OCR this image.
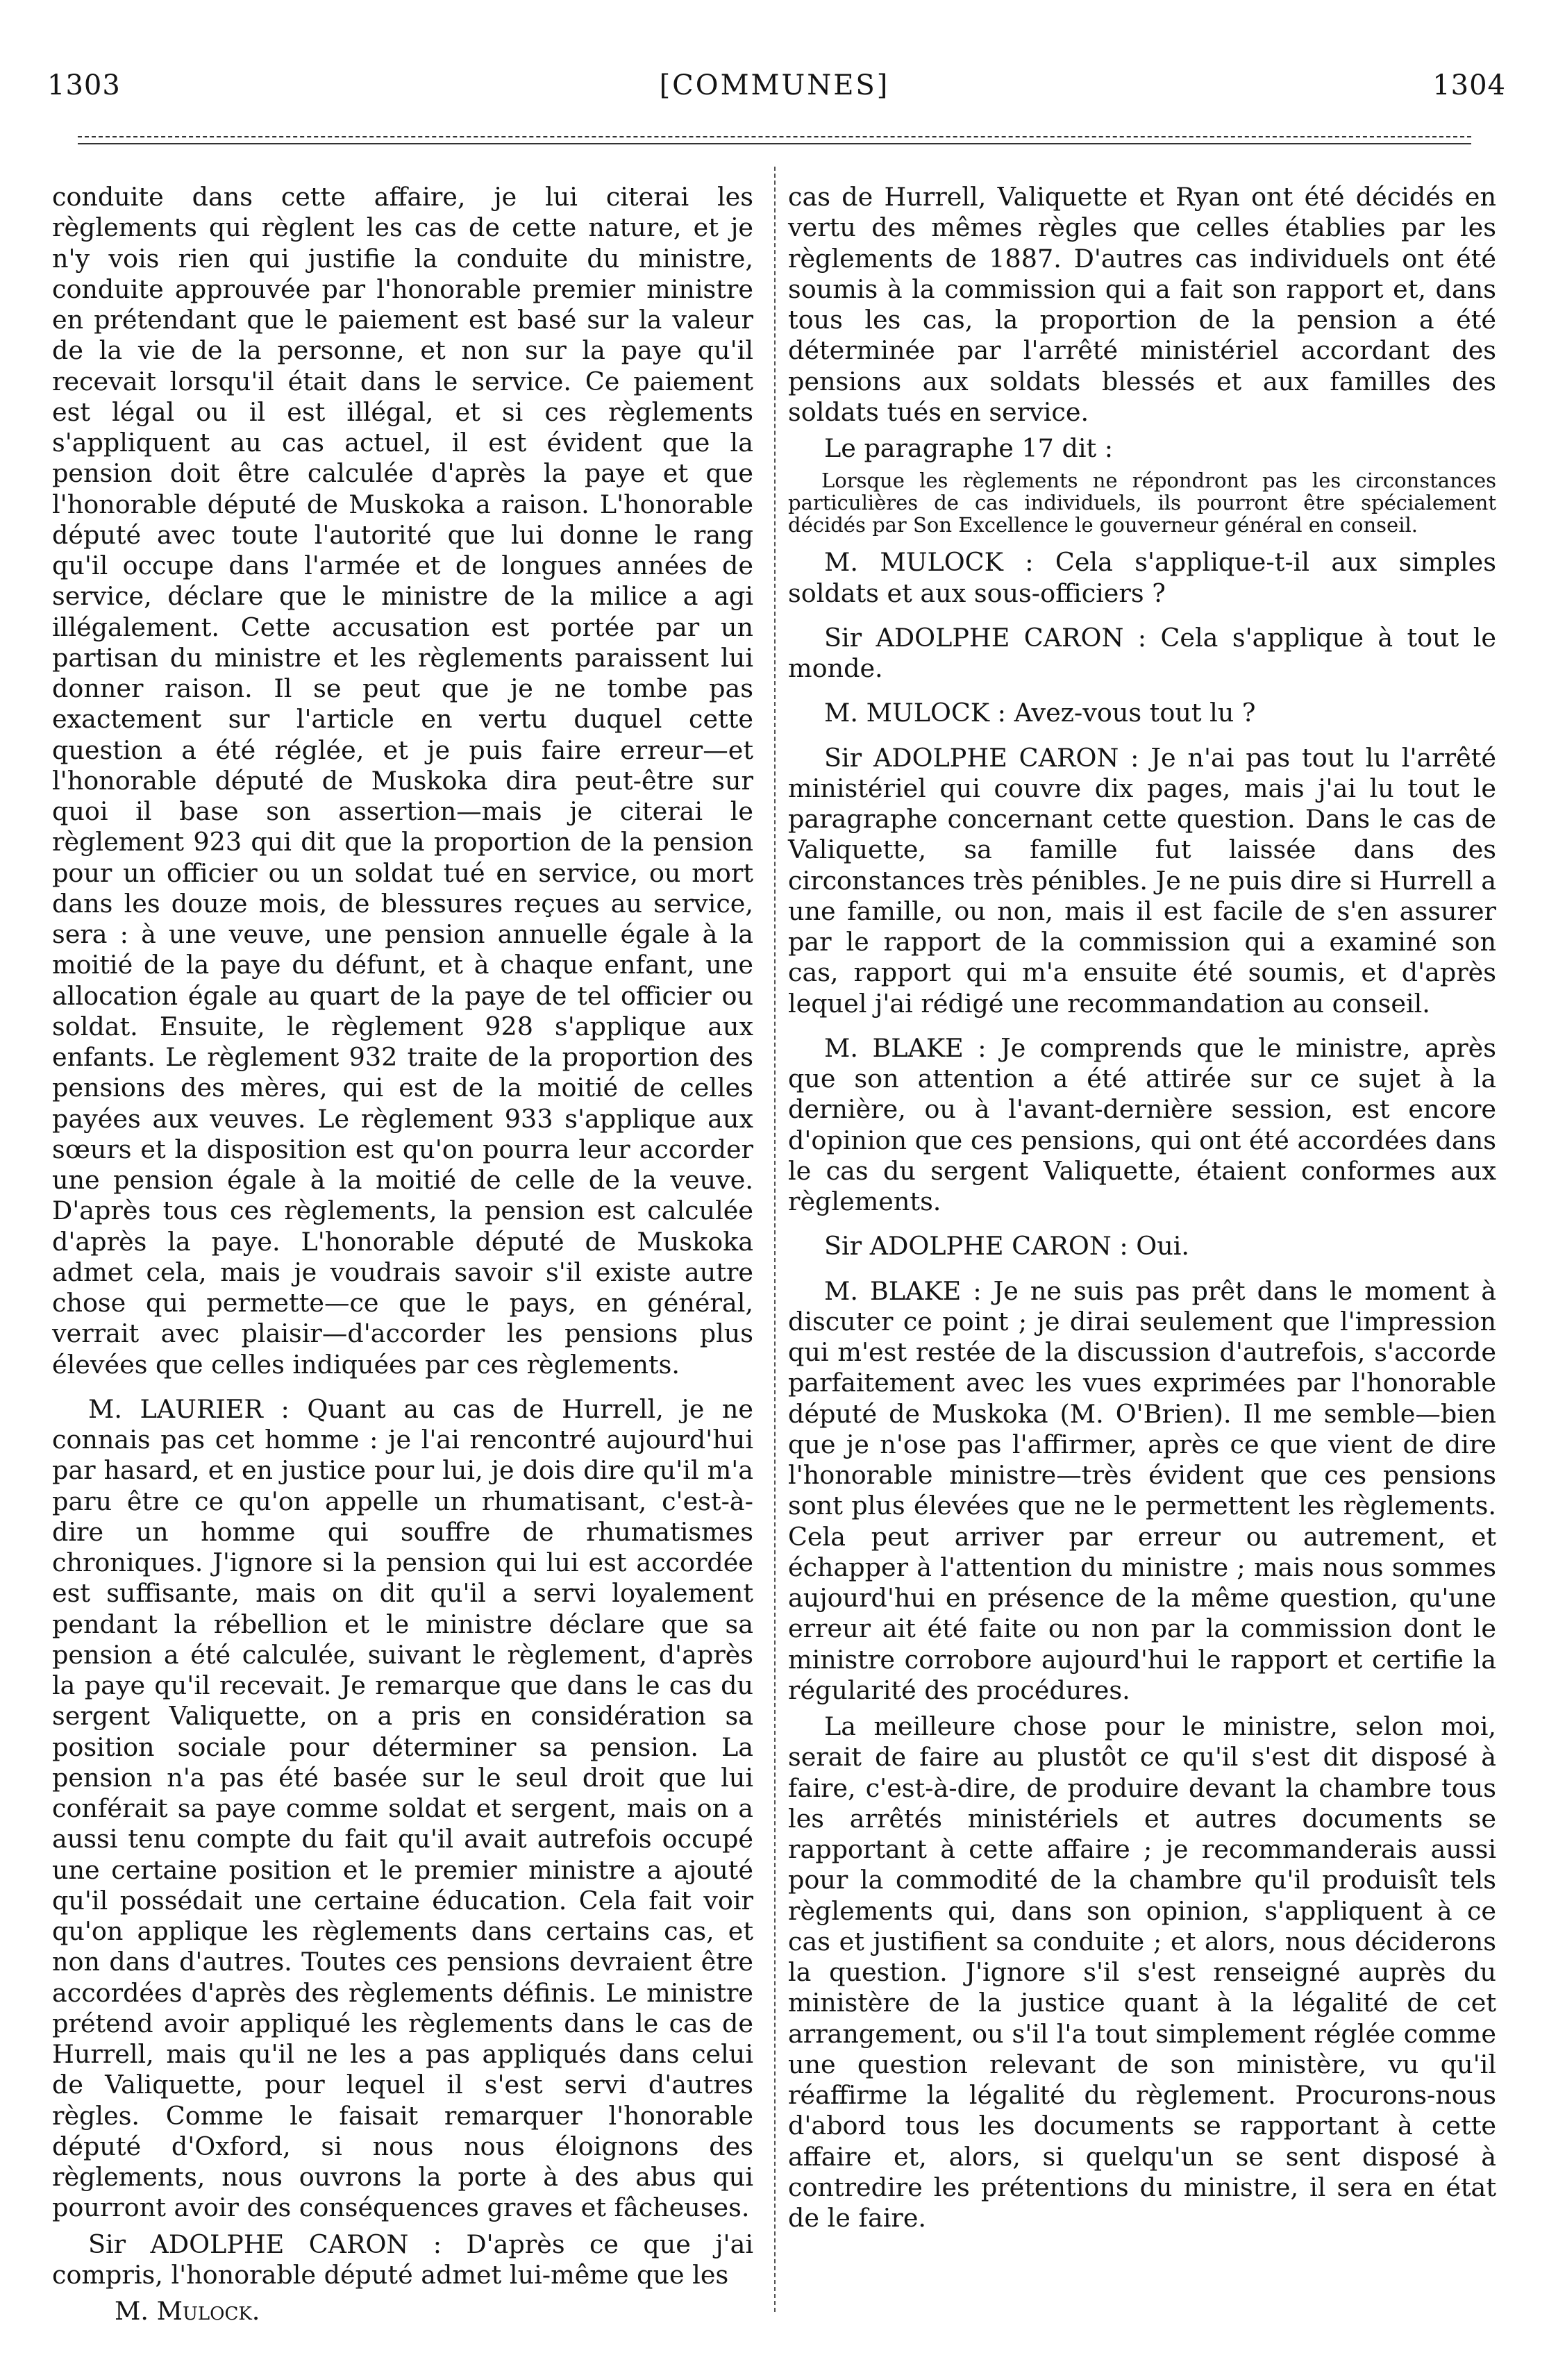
1303	[COMMUNES]	1304

conduite dans cette affaire, je lui citerai les règlements qui règlent les cas de cette nature, et je n'y vois rien qui justifie la conduite du ministre, conduite approuvée par l'honorable premier ministre en prétendant que le paiement est basé sur la valeur de la vie de la personne, et non sur la paye qu'il recevait lorsqu'il était dans le service. Ce paiement est légal ou il est illégal, et si ces règlements s'appliquent au cas actuel, il est évident que la pension doit être calculée d'après la paye et que l'honorable député de Muskoka a raison. L'honorable député avec toute l'autorité que lui donne le rang qu'il occupe dans l'armée et de longues années de service, déclare que le ministre de la milice a agi illégalement. Cette accusation est portée par un partisan du ministre et les règlements paraissent lui donner raison. Il se peut que je ne tombe pas exactement sur l'article en vertu duquel cette question a été réglée, et je puis faire erreur—et l'honorable député de Muskoka dira peut-être sur quoi il base son assertion—mais je citerai le règlement 923 qui dit que la proportion de la pension pour un officier ou un soldat tué en service, ou mort dans les douze mois, de blessures reçues au service, sera : à une veuve, une pension annuelle égale à la moitié de la paye du défunt, et à chaque enfant, une allocation égale au quart de la paye de tel officier ou soldat. Ensuite, le règlement 928 s'applique aux enfants. Le règlement 932 traite de la proportion des pensions des mères, qui est de la moitié de celles payées aux veuves. Le règlement 933 s'applique aux sœurs et la disposition est qu'on pourra leur accorder une pension égale à la moitié de celle de la veuve. D'après tous ces règlements, la pension est calculée d'après la paye. L'honorable député de Muskoka admet cela, mais je voudrais savoir s'il existe autre chose qui permette—ce que le pays, en général, verrait avec plaisir—d'accorder les pensions plus élevées que celles indiquées par ces règlements.

M. LAURIER : Quant au cas de Hurrell, je ne connais pas cet homme : je l'ai rencontré aujourd'hui par hasard, et en justice pour lui, je dois dire qu'il m'a paru être ce qu'on appelle un rhumatisant, c'est-à-dire un homme qui souffre de rhumatismes chroniques. J'ignore si la pension qui lui est accordée est suffisante, mais on dit qu'il a servi loyalement pendant la rébellion et le ministre déclare que sa pension a été calculée, suivant le règlement, d'après la paye qu'il recevait. Je remarque que dans le cas du sergent Valiquette, on a pris en considération sa position sociale pour déterminer sa pension. La pension n'a pas été basée sur le seul droit que lui conférait sa paye comme soldat et sergent, mais on a aussi tenu compte du fait qu'il avait autrefois occupé une certaine position et le premier ministre a ajouté qu'il possédait une certaine éducation. Cela fait voir qu'on applique les règlements dans certains cas, et non dans d'autres. Toutes ces pensions devraient être accordées d'après des règlements définis. Le ministre prétend avoir appliqué les règlements dans le cas de Hurrell, mais qu'il ne les a pas appliqués dans celui de Valiquette, pour lequel il s'est servi d'autres règles. Comme le faisait remarquer l'honorable député d'Oxford, si nous nous éloignons des règlements, nous ouvrons la porte à des abus qui pourront avoir des conséquences graves et fâcheuses.

Sir ADOLPHE CARON : D'après ce que j'ai compris, l'honorable député admet lui-même que les

M. Mulock.

cas de Hurrell, Valiquette et Ryan ont été décidés en vertu des mêmes règles que celles établies par les règlements de 1887. D'autres cas individuels ont été soumis à la commission qui a fait son rapport et, dans tous les cas, la proportion de la pension a été déterminée par l'arrêté ministériel accordant des pensions aux soldats blessés et aux familles des soldats tués en service.

Le paragraphe 17 dit :

Lorsque les règlements ne répondront pas les circonstances particulières de cas individuels, ils pourront être spécialement décidés par Son Excellence le gouverneur général en conseil.

M. MULOCK : Cela s'applique-t-il aux simples soldats et aux sous-officiers ?

Sir ADOLPHE CARON : Cela s'applique à tout le monde.

M. MULOCK : Avez-vous tout lu ?

Sir ADOLPHE CARON : Je n'ai pas tout lu l'arrêté ministériel qui couvre dix pages, mais j'ai lu tout le paragraphe concernant cette question. Dans le cas de Valiquette, sa famille fut laissée dans des circonstances très pénibles. Je ne puis dire si Hurrell a une famille, ou non, mais il est facile de s'en assurer par le rapport de la commission qui a examiné son cas, rapport qui m'a ensuite été soumis, et d'après lequel j'ai rédigé une recommandation au conseil.

M. BLAKE : Je comprends que le ministre, après que son attention a été attirée sur ce sujet à la dernière, ou à l'avant-dernière session, est encore d'opinion que ces pensions, qui ont été accordées dans le cas du sergent Valiquette, étaient conformes aux règlements.

Sir ADOLPHE CARON : Oui.

M. BLAKE : Je ne suis pas prêt dans le moment à discuter ce point ; je dirai seulement que l'impression qui m'est restée de la discussion d'autrefois, s'accorde parfaitement avec les vues exprimées par l'honorable député de Muskoka (M. O'Brien). Il me semble—bien que je n'ose pas l'affirmer, après ce que vient de dire l'honorable ministre—très évident que ces pensions sont plus élevées que ne le permettent les règlements. Cela peut arriver par erreur ou autrement, et échapper à l'attention du ministre ; mais nous sommes aujourd'hui en présence de la même question, qu'une erreur ait été faite ou non par la commission dont le ministre corrobore aujourd'hui le rapport et certifie la régularité des procédures.

La meilleure chose pour le ministre, selon moi, serait de faire au plustôt ce qu'il s'est dit disposé à faire, c'est-à-dire, de produire devant la chambre tous les arrêtés ministériels et autres documents se rapportant à cette affaire ; je recommanderais aussi pour la commodité de la chambre qu'il produisît tels règlements qui, dans son opinion, s'appliquent à ce cas et justifient sa conduite ; et alors, nous déciderons la question. J'ignore s'il s'est renseigné auprès du ministère de la justice quant à la légalité de cet arrangement, ou s'il l'a tout simplement réglée comme une question relevant de son ministère, vu qu'il réaffirme la légalité du règlement. Procurons-nous d'abord tous les documents se rapportant à cette affaire et, alors, si quelqu'un se sent disposé à contredire les prétentions du ministre, il sera en état de le faire.
